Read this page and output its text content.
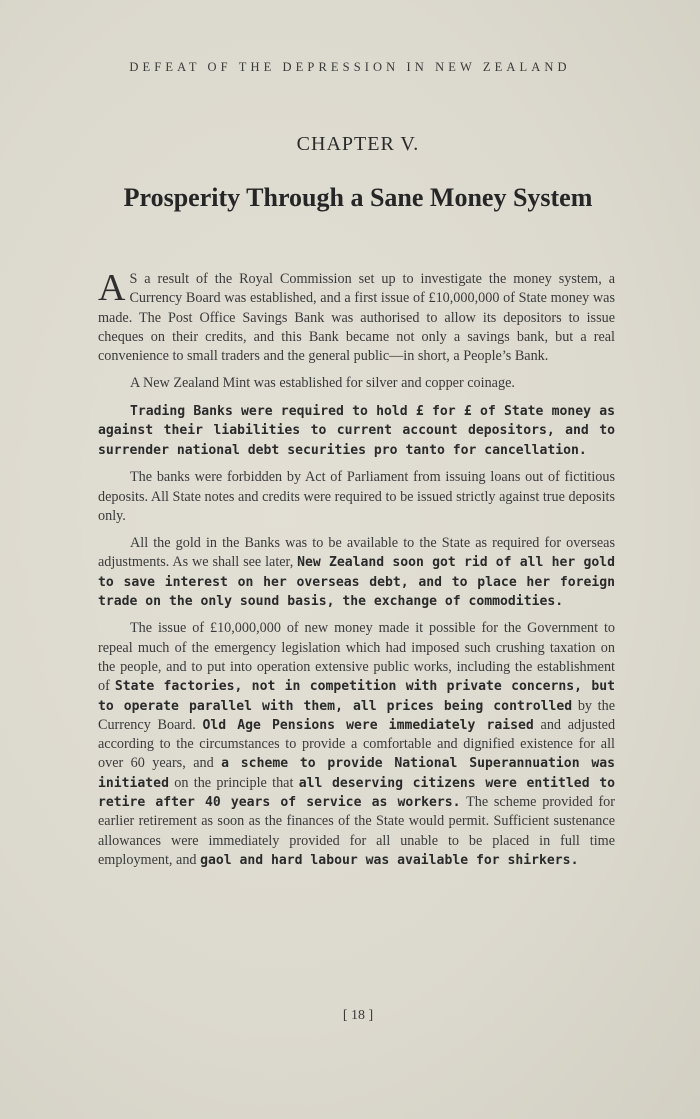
DEFEAT OF THE DEPRESSION IN NEW ZEALAND
CHAPTER V.
Prosperity Through a Sane Money System

A S a result of the Royal Commission set up to investigate the money system, a Currency Board was established, and a first issue of £10,000,000 of State money was made. The Post Office Savings Bank was authorised to allow its depositors to issue cheques on their credits, and this Bank became not only a savings bank, but a real convenience to small traders and the general public—in short, a People’s Bank.

A New Zealand Mint was established for silver and copper coinage.

Trading Banks were required to hold £ for £ of State money as against their liabilities to current account depositors, and to surrender national debt securities pro tanto for cancellation.

The banks were forbidden by Act of Parliament from issuing loans out of fictitious deposits. All State notes and credits were required to be issued strictly against true deposits only.

All the gold in the Banks was to be available to the State as required for overseas adjustments. As we shall see later, New Zealand soon got rid of all her gold to save interest on her overseas debt, and to place her foreign trade on the only sound basis, the exchange of commodities.

The issue of £10,000,000 of new money made it possible for the Government to repeal much of the emergency legislation which had imposed such crushing taxation on the people, and to put into operation extensive public works, including the establishment of State factories, not in competition with private concerns, but to operate parallel with them, all prices being controlled by the Currency Board. Old Age Pensions were immediately raised and adjusted according to the circumstances to provide a comfortable and dignified existence for all over 60 years, and a scheme to provide National Superannuation was initiated on the principle that all deserving citizens were entitled to retire after 40 years of service as workers. The scheme provided for earlier retirement as soon as the finances of the State would permit. Sufficient sustenance allowances were immediately provided for all unable to be placed in full time employment, and gaol and hard labour was available for shirkers.

[ 18 ]
